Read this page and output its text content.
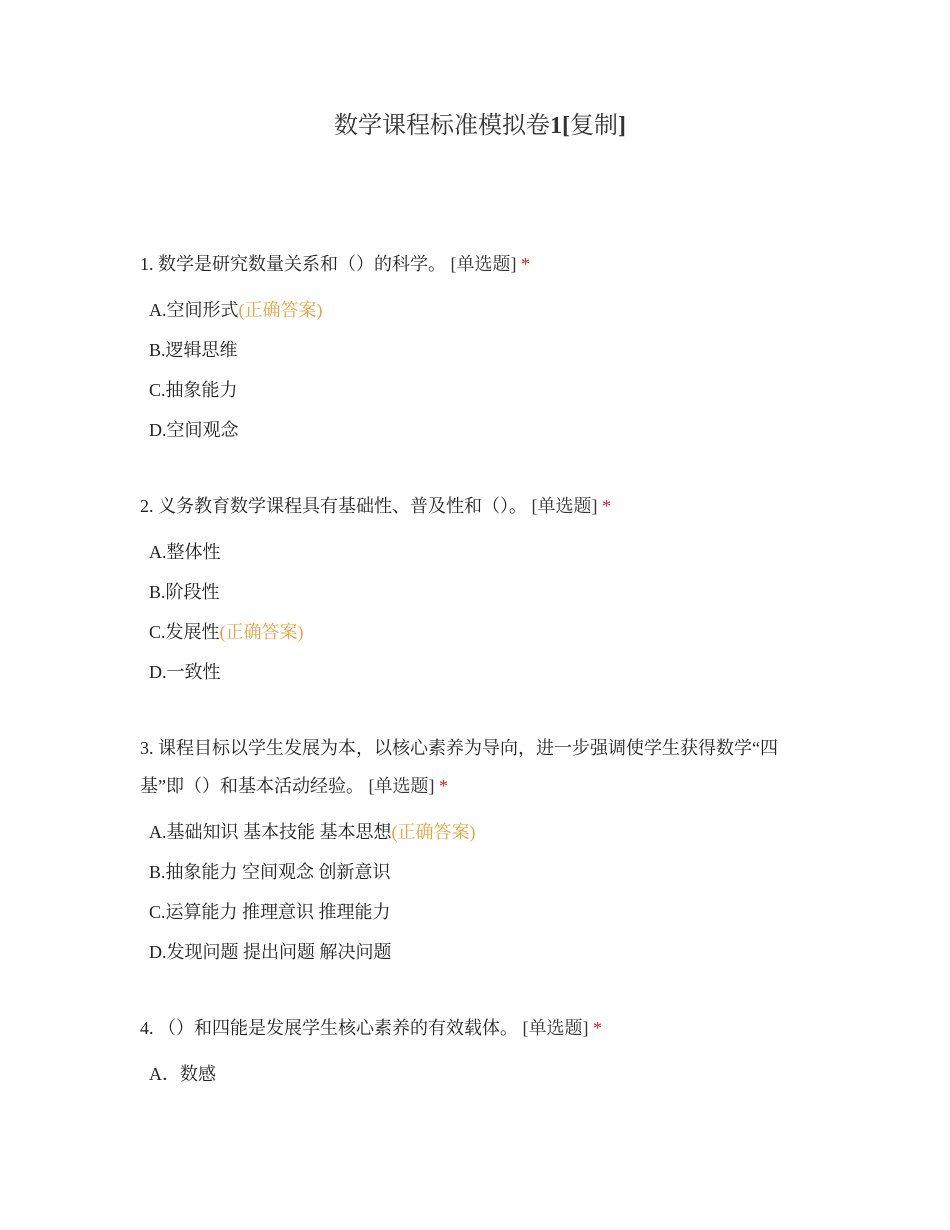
数学课程标准模拟卷1[复制]
1. 数学是研究数量关系和（）的科学。 [单选题] *
A.空间形式(正确答案)
B.逻辑思维
C.抽象能力
D.空间观念
2. 义务教育数学课程具有基础性、普及性和（）。 [单选题] *
A.整体性
B.阶段性
C.发展性(正确答案)
D.一致性
3. 课程目标以学生发展为本，以核心素养为导向，进一步强调使学生获得数学“四基”即（）和基本活动经验。 [单选题] *
A.基础知识 基本技能 基本思想(正确答案)
B.抽象能力 空间观念 创新意识
C.运算能力 推理意识 推理能力
D.发现问题 提出问题 解决问题
4. （）和四能是发展学生核心素养的有效载体。 [单选题] *
A．数感
